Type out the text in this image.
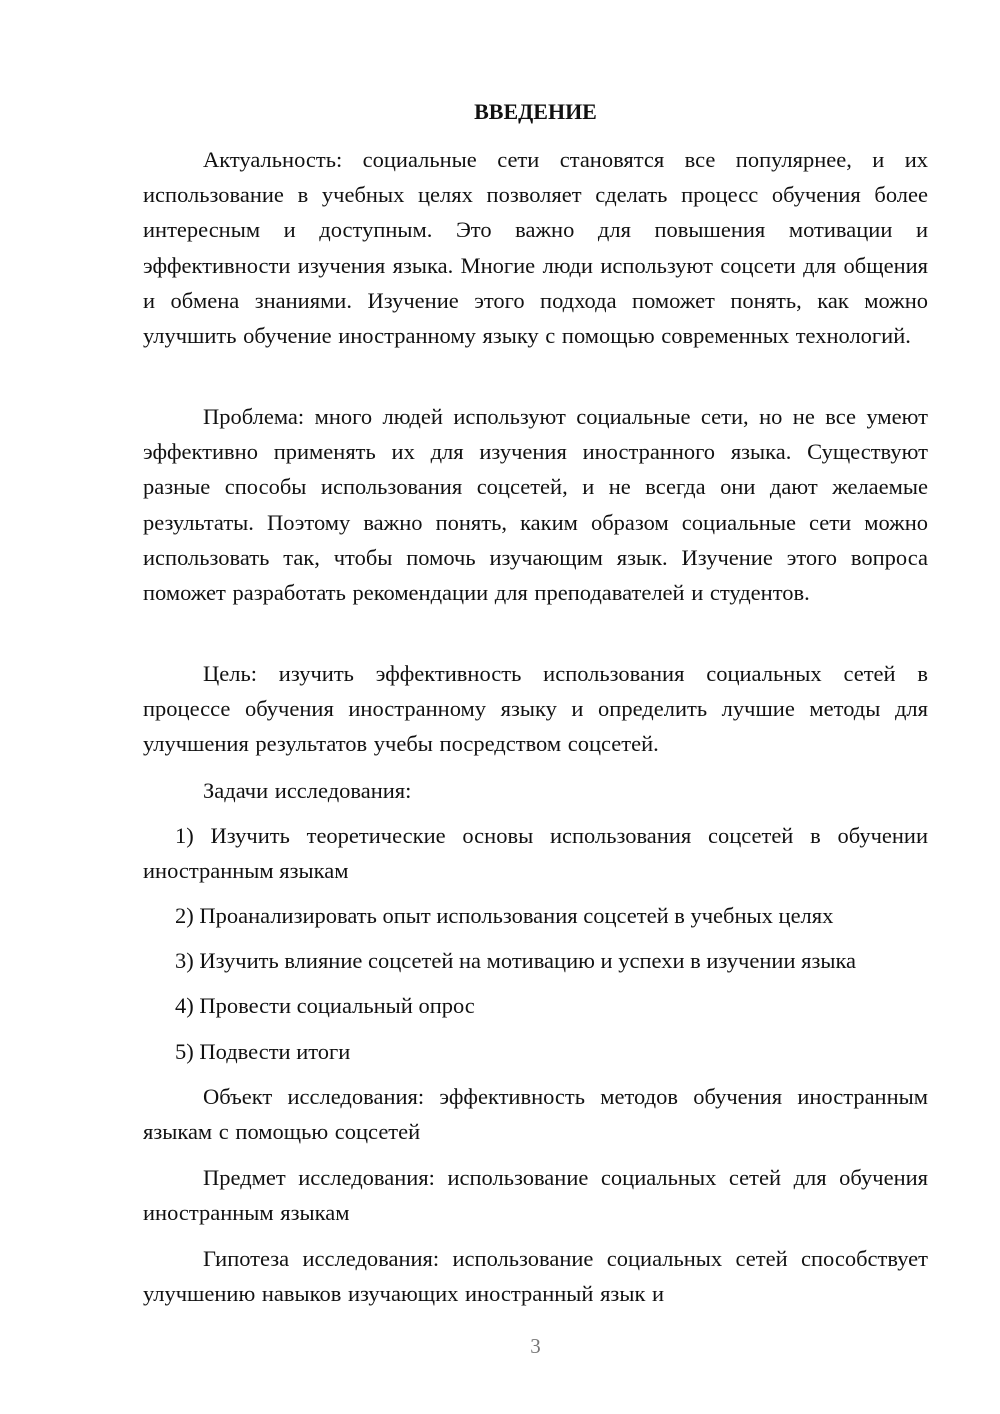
ВВЕДЕНИЕ

Актуальность: социальные сети становятся все популярнее, и их использование в учебных целях позволяет сделать процесс обучения более интересным и доступным. Это важно для повышения мотивации и эффективности изучения языка. Многие люди используют соцсети для общения и обмена знаниями. Изучение этого подхода поможет понять, как можно улучшить обучение иностранному языку с помощью современных технологий.

Проблема: много людей используют социальные сети, но не все умеют эффективно применять их для изучения иностранного языка. Существуют разные способы использования соцсетей, и не всегда они дают желаемые результаты. Поэтому важно понять, каким образом социальные сети можно использовать так, чтобы помочь изучающим язык. Изучение этого вопроса поможет разработать рекомендации для преподавателей и студентов.

Цель: изучить эффективность использования социальных сетей в процессе обучения иностранному языку и определить лучшие методы для улучшения результатов учебы посредством соцсетей.

Задачи исследования:

1) Изучить теоретические основы использования соцсетей в обучении иностранным языкам

2) Проанализировать опыт использования соцсетей в учебных целях

3) Изучить влияние соцсетей на мотивацию и успехи в изучении языка

4) Провести социальный опрос

5) Подвести итоги

Объект исследования: эффективность методов обучения иностранным языкам с помощью соцсетей

Предмет исследования: использование социальных сетей для обучения иностранным языкам

Гипотеза исследования: использование социальных сетей способствует улучшению навыков изучающих иностранный язык и

3
